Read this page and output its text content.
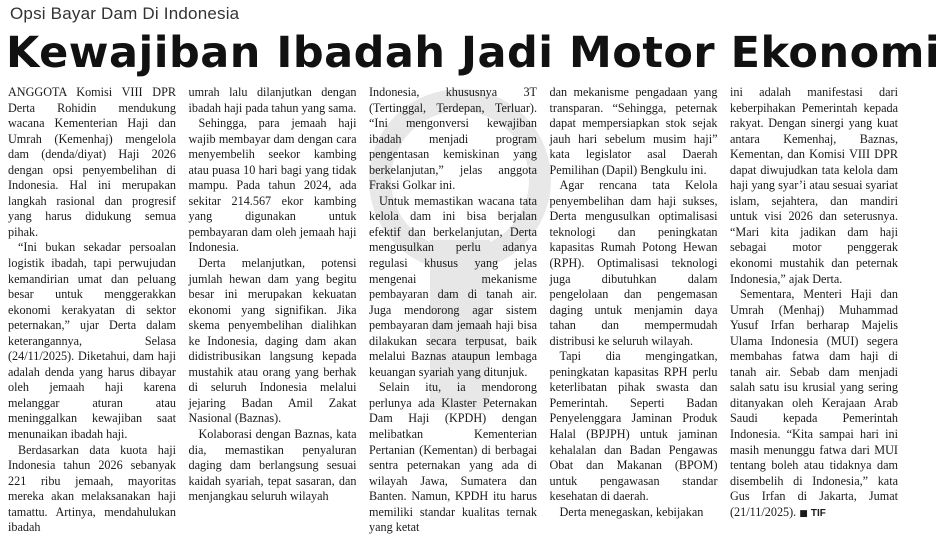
Opsi Bayar Dam Di Indonesia
Kewajiban Ibadah Jadi Motor Ekonomi

ANGGOTA Komisi VIII DPR Derta Rohidin mendukung wacana Kementerian Haji dan Umrah (Kemenhaj) mengelola dam (denda/diyat) Haji 2026 dengan opsi penyembelihan di Indonesia. Hal ini merupakan langkah rasional dan progresif yang harus didukung semua pihak.

“Ini bukan sekadar persoalan logistik ibadah, tapi perwujudan kemandirian umat dan peluang besar untuk menggerakkan ekonomi kerakyatan di sektor peternakan,” ujar Derta dalam keterangannya, Selasa (24/11/2025). Diketahui, dam haji adalah denda yang harus dibayar oleh jemaah haji karena melanggar aturan atau meninggalkan kewajiban saat menunaikan ibadah haji.

Berdasarkan data kuota haji Indonesia tahun 2026 sebanyak 221 ribu jemaah, mayoritas mereka akan melaksanakan haji tamattu. Artinya, mendahulukan ibadah

umrah lalu dilanjutkan dengan ibadah haji pada tahun yang sama.

Sehingga, para jemaah haji wajib membayar dam dengan cara menyembelih seekor kambing atau puasa 10 hari bagi yang tidak mampu. Pada tahun 2024, ada sekitar 214.567 ekor kambing yang digunakan untuk pembayaran dam oleh jemaah haji Indonesia.

Derta melanjutkan, potensi jumlah hewan dam yang begitu besar ini merupakan kekuatan ekonomi yang signifikan. Jika skema penyembelihan dialihkan ke Indonesia, daging dam akan didistribusikan langsung kepada mustahik atau orang yang berhak di seluruh Indonesia melalui jejaring Badan Amil Zakat Nasional (Baznas).

Kolaborasi dengan Baznas, kata dia, memastikan penyaluran daging dam berlangsung sesuai kaidah syariah, tepat sasaran, dan menjangkau seluruh wilayah

Indonesia, khususnya 3T (Tertinggal, Terdepan, Terluar). “Ini mengonversi kewajiban ibadah menjadi program pengentasan kemiskinan yang berkelanjutan,” jelas anggota Fraksi Golkar ini.

Untuk memastikan wacana tata kelola dam ini bisa berjalan efektif dan berkelanjutan, Derta mengusulkan perlu adanya regulasi khusus yang jelas mengenai mekanisme pembayaran dam di tanah air. Juga mendorong agar sistem pembayaran dam jemaah haji bisa dilakukan secara terpusat, baik melalui Baznas ataupun lembaga keuangan syariah yang ditunjuk.

Selain itu, ia mendorong perlunya ada Klaster Peternakan Dam Haji (KPDH) dengan melibatkan Kementerian Pertanian (Kementan) di berbagai sentra peternakan yang ada di wilayah Jawa, Sumatera dan Banten. Namun, KPDH itu harus memiliki standar kualitas ternak yang ketat

dan mekanisme pengadaan yang transparan. “Sehingga, peternak dapat mempersiapkan stok sejak jauh hari sebelum musim haji” kata legislator asal Daerah Pemilihan (Dapil) Bengkulu ini.

Agar rencana tata Kelola penyembelihan dam haji sukses, Derta mengusulkan optimalisasi teknologi dan peningkatan kapasitas Rumah Potong Hewan (RPH). Optimalisasi teknologi juga dibutuhkan dalam pengelolaan dan pengemasan daging untuk menjamin daya tahan dan mempermudah distribusi ke seluruh wilayah.

Tapi dia mengingatkan, peningkatan kapasitas RPH perlu keterlibatan pihak swasta dan Pemerintah. Seperti Badan Penyelenggara Jaminan Produk Halal (BPJPH) untuk jaminan kehalalan dan Badan Pengawas Obat dan Makanan (BPOM) untuk pengawasan standar kesehatan di daerah.

Derta menegaskan, kebijakan

ini adalah manifestasi dari keberpihakan Pemerintah kepada rakyat. Dengan sinergi yang kuat antara Kemenhaj, Baznas, Kementan, dan Komisi VIII DPR dapat diwujudkan tata kelola dam haji yang syar’i atau sesuai syariat islam, sejahtera, dan mandiri untuk visi 2026 dan seterusnya. “Mari kita jadikan dam haji sebagai motor penggerak ekonomi mustahik dan peternak Indonesia,” ajak Derta.

Sementara, Menteri Haji dan Umrah (Menhaj) Muhammad Yusuf Irfan berharap Majelis Ulama Indonesia (MUI) segera membahas fatwa dam haji di tanah air. Sebab dam menjadi salah satu isu krusial yang sering ditanyakan oleh Kerajaan Arab Saudi kepada Pemerintah Indonesia. “Kita sampai hari ini masih menunggu fatwa dari MUI tentang boleh atau tidaknya dam disembelih di Indonesia,” kata Gus Irfan di Jakarta, Jumat (21/11/2025). ■ TIF
